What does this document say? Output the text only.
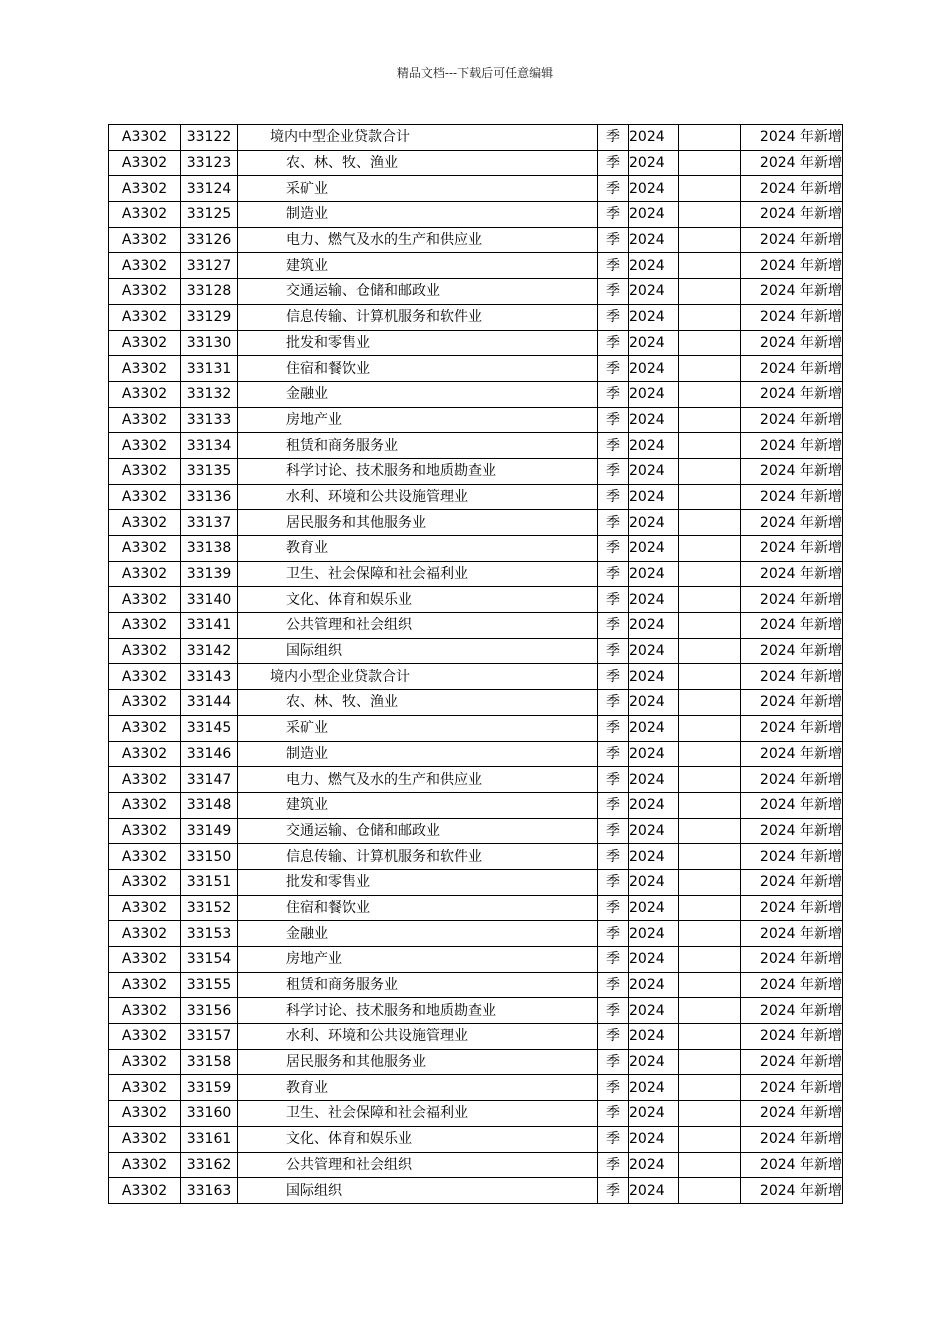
精品文档---下载后可任意编辑
A3302	33122	境内中型企业贷款合计	季	2024		2024 年新增
A3302	33123	农、林、牧、渔业	季	2024		2024 年新增
A3302	33124	采矿业	季	2024		2024 年新增
A3302	33125	制造业	季	2024		2024 年新增
A3302	33126	电力、燃气及水的生产和供应业	季	2024		2024 年新增
A3302	33127	建筑业	季	2024		2024 年新增
A3302	33128	交通运输、仓储和邮政业	季	2024		2024 年新增
A3302	33129	信息传输、计算机服务和软件业	季	2024		2024 年新增
A3302	33130	批发和零售业	季	2024		2024 年新增
A3302	33131	住宿和餐饮业	季	2024		2024 年新增
A3302	33132	金融业	季	2024		2024 年新增
A3302	33133	房地产业	季	2024		2024 年新增
A3302	33134	租赁和商务服务业	季	2024		2024 年新增
A3302	33135	科学讨论、技术服务和地质勘查业	季	2024		2024 年新增
A3302	33136	水利、环境和公共设施管理业	季	2024		2024 年新增
A3302	33137	居民服务和其他服务业	季	2024		2024 年新增
A3302	33138	教育业	季	2024		2024 年新增
A3302	33139	卫生、社会保障和社会福利业	季	2024		2024 年新增
A3302	33140	文化、体育和娱乐业	季	2024		2024 年新增
A3302	33141	公共管理和社会组织	季	2024		2024 年新增
A3302	33142	国际组织	季	2024		2024 年新增
A3302	33143	境内小型企业贷款合计	季	2024		2024 年新增
A3302	33144	农、林、牧、渔业	季	2024		2024 年新增
A3302	33145	采矿业	季	2024		2024 年新增
A3302	33146	制造业	季	2024		2024 年新增
A3302	33147	电力、燃气及水的生产和供应业	季	2024		2024 年新增
A3302	33148	建筑业	季	2024		2024 年新增
A3302	33149	交通运输、仓储和邮政业	季	2024		2024 年新增
A3302	33150	信息传输、计算机服务和软件业	季	2024		2024 年新增
A3302	33151	批发和零售业	季	2024		2024 年新增
A3302	33152	住宿和餐饮业	季	2024		2024 年新增
A3302	33153	金融业	季	2024		2024 年新增
A3302	33154	房地产业	季	2024		2024 年新增
A3302	33155	租赁和商务服务业	季	2024		2024 年新增
A3302	33156	科学讨论、技术服务和地质勘查业	季	2024		2024 年新增
A3302	33157	水利、环境和公共设施管理业	季	2024		2024 年新增
A3302	33158	居民服务和其他服务业	季	2024		2024 年新增
A3302	33159	教育业	季	2024		2024 年新增
A3302	33160	卫生、社会保障和社会福利业	季	2024		2024 年新增
A3302	33161	文化、体育和娱乐业	季	2024		2024 年新增
A3302	33162	公共管理和社会组织	季	2024		2024 年新增
A3302	33163	国际组织	季	2024		2024 年新增
